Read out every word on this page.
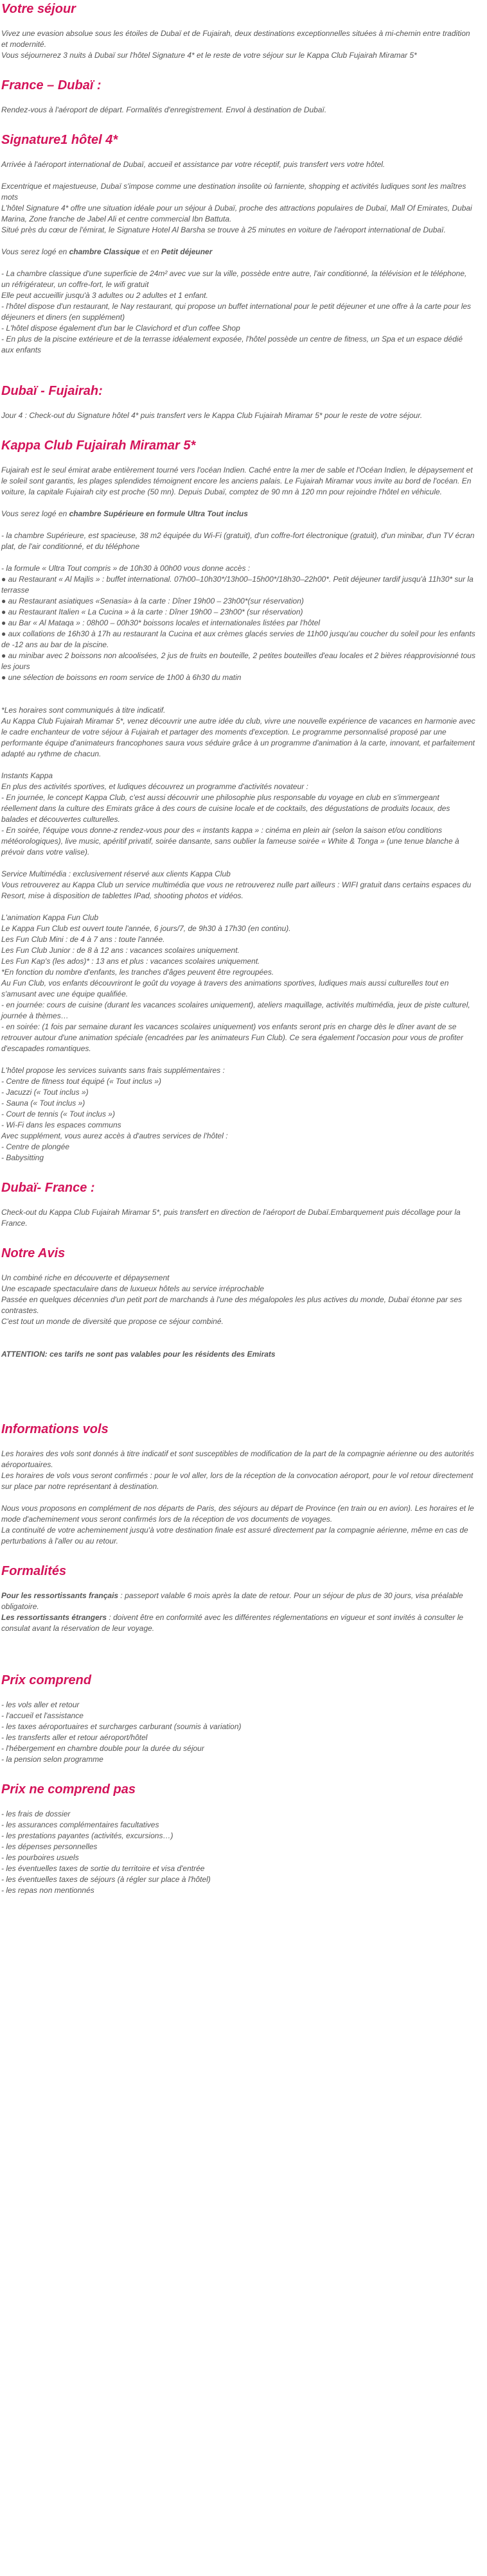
Votre séjour

Vivez une evasion absolue sous les étoiles de Dubaï et de Fujairah, deux destinations exceptionnelles situées à mi-chemin entre tradition et modernité.

Vous séjournerez 3 nuits à Dubaï sur l'hôtel Signature 4* et le reste de votre séjour sur le Kappa Club Fujairah Miramar 5*

France – Dubaï :

Rendez-vous à l'aéroport de départ. Formalités d'enregistrement. Envol à destination de Dubaï.

Signature1 hôtel 4*

Arrivée à l'aéroport international de Dubaï, accueil et assistance par votre réceptif, puis transfert vers votre hôtel.

Excentrique et majestueuse, Dubaï s'impose comme une destination insolite où farniente, shopping et activités ludiques sont les maîtres mots

L'hôtel Signature 4* offre une situation idéale pour un séjour à Dubaï, proche des attractions populaires de Dubaï, Mall Of Emirates, Dubai Marina, Zone franche de Jabel Ali et centre commercial Ibn Battuta.

Situé près du cœur de l'émirat, le Signature Hotel Al Barsha se trouve à 25 minutes en voiture de l'aéroport international de Dubaï.

Vous serez logé en chambre Classique et en Petit déjeuner

- La chambre classique d'une superficie de 24m² avec vue sur la ville, possède entre autre, l'air conditionné, la télévision et le téléphone, un réfrigérateur, un coffre-fort, le wifi gratuit

Elle peut accueillir jusqu'à 3 adultes ou 2 adultes et 1 enfant.

- l'hôtel dispose d'un restaurant, le Nay restaurant, qui propose un buffet international pour le petit déjeuner et une offre à la carte pour les déjeuners et diners (en supplément)

- L'hôtel dispose également d'un bar le Clavichord et d'un coffee Shop

- En plus de la piscine extérieure et de la terrasse idéalement exposée, l'hôtel possède un centre de fitness, un Spa et un espace dédié aux enfants

Dubaï - Fujairah:

Jour 4 : Check-out du Signature hôtel 4* puis transfert vers le Kappa Club Fujairah Miramar 5* pour le reste de votre séjour.

Kappa Club Fujairah Miramar 5*

Fujairah est le seul émirat arabe entièrement tourné vers l'océan Indien. Caché entre la mer de sable et l'Océan Indien, le dépaysement et le soleil sont garantis, les plages splendides témoignent encore les anciens palais. Le Fujairah Miramar vous invite au bord de l'océan. En voiture, la capitale Fujairah city est proche (50 mn). Depuis Dubaï, comptez de 90 mn à 120 mn pour rejoindre l'hôtel en véhicule.

Vous serez logé en chambre Supérieure en formule Ultra Tout inclus

- la chambre Supérieure, est spacieuse, 38 m2 équipée du Wi-Fi (gratuit), d'un coffre-fort électronique (gratuit), d'un minibar, d'un TV écran plat, de l'air conditionné, et du téléphone

- la formule « Ultra Tout compris » de 10h30 à 00h00 vous donne accès :

● au Restaurant « Al Majlis » : buffet international. 07h00–10h30*/13h00–15h00*/18h30–22h00*. Petit déjeuner tardif jusqu'à 11h30* sur la terrasse

● au Restaurant asiatiques «Senasia» à la carte : Dîner 19h00 – 23h00*(sur réservation)

● au Restaurant Italien « La Cucina » à la carte : Dîner 19h00 – 23h00* (sur réservation)

● au Bar « Al Mataqa » : 08h00 – 00h30* boissons locales et internationales listées par l'hôtel

● aux collations de 16h30 à 17h au restaurant la Cucina et aux crèmes glacés servies de 11h00 jusqu'au coucher du soleil pour les enfants de -12 ans au bar de la piscine.

● au minibar avec 2 boissons non alcoolisées, 2 jus de fruits en bouteille, 2 petites bouteilles d'eau locales et 2 bières réapprovisionné tous les jours

● une sélection de boissons en room service de 1h00 à 6h30 du matin

*Les horaires sont communiqués à titre indicatif.

Au Kappa Club Fujairah Miramar 5*, venez découvrir une autre idée du club, vivre une nouvelle expérience de vacances en harmonie avec le cadre enchanteur de votre séjour à Fujairah et partager des moments d'exception. Le programme personnalisé proposé par une performante équipe d'animateurs francophones saura vous séduire grâce à un programme d'animation à la carte, innovant, et parfaitement adapté au rythme de chacun.

Instants Kappa

En plus des activités sportives, et ludiques découvrez un programme d'activités novateur :

- En journée, le concept Kappa Club, c'est aussi découvrir une philosophie plus responsable du voyage en club en s'immergeant réellement dans la culture des Emirats grâce à des cours de cuisine locale et de cocktails, des dégustations de produits locaux, des balades et découvertes culturelles.

- En soirée, l'équipe vous donne-z rendez-vous pour des « instants kappa » : cinéma en plein air (selon la saison et/ou conditions météorologiques), live music, apéritif privatif, soirée dansante, sans oublier la fameuse soirée « White & Tonga » (une tenue blanche à prévoir dans votre valise).

Service Multimédia : exclusivement réservé aux clients Kappa Club

Vous retrouverez au Kappa Club un service multimédia que vous ne retrouverez nulle part ailleurs : WIFI gratuit dans certains espaces du Resort, mise à disposition de tablettes IPad, shooting photos et vidéos.

L'animation Kappa Fun Club

Le Kappa Fun Club est ouvert toute l'année, 6 jours/7, de 9h30 à 17h30 (en continu).

Les Fun Club Mini : de 4 à 7 ans : toute l'année.

Les Fun Club Junior : de 8 à 12 ans : vacances scolaires uniquement.

Les Fun Kap's (les ados)* : 13 ans et plus : vacances scolaires uniquement.

*En fonction du nombre d'enfants, les tranches d'âges peuvent être regroupées.

Au Fun Club, vos enfants découvriront le goût du voyage à travers des animations sportives, ludiques mais aussi culturelles tout en s'amusant avec une équipe qualifiée.

- en journée: cours de cuisine (durant les vacances scolaires uniquement), ateliers maquillage, activités multimédia, jeux de piste culturel, journée à thèmes…

- en soirée: (1 fois par semaine durant les vacances scolaires uniquement) vos enfants seront pris en charge dès le dîner avant de se retrouver autour d'une animation spéciale (encadrées par les animateurs Fun Club). Ce sera également l'occasion pour vous de profiter d'escapades romantiques.

L'hôtel propose les services suivants sans frais supplémentaires :

- Centre de fitness tout équipé (« Tout inclus »)

- Jacuzzi (« Tout inclus »)

- Sauna (« Tout inclus »)

- Court de tennis (« Tout inclus »)

- Wi-Fi dans les espaces communs

Avec supplément, vous aurez accès à d'autres services de l'hôtel :

- Centre de plongée

- Babysitting

Dubaï- France :

Check-out du Kappa Club Fujairah Miramar 5*, puis transfert en direction de l'aéroport de Dubaï.Embarquement puis décollage pour la France.

Notre Avis

Un combiné riche en découverte et dépaysement

Une escapade spectaculaire dans de luxueux hôtels au service irréprochable

Passée en quelques décennies d'un petit port de marchands à l'une des mégalopoles les plus actives du monde, Dubaï étonne par ses contrastes.

C'est tout un monde de diversité que propose ce séjour combiné.

ATTENTION: ces tarifs ne sont pas valables pour les résidents des Emirats

Informations vols

Les horaires des vols sont donnés à titre indicatif et sont susceptibles de modification de la part de la compagnie aérienne ou des autorités aéroportuaires.

Les horaires de vols vous seront confirmés : pour le vol aller, lors de la réception de la convocation aéroport, pour le vol retour directement sur place par notre représentant à destination.

Nous vous proposons en complément de nos départs de Paris, des séjours au départ de Province (en train ou en avion). Les horaires et le mode d'acheminement vous seront confirmés lors de la réception de vos documents de voyages.

La continuité de votre acheminement jusqu'à votre destination finale est assuré directement par la compagnie aérienne, même en cas de perturbations à l'aller ou au retour.

Formalités

Pour les ressortissants français : passeport valable 6 mois après la date de retour. Pour un séjour de plus de 30 jours, visa préalable obligatoire.

Les ressortissants étrangers : doivent être en conformité avec les différentes réglementations en vigueur et sont invités à consulter le consulat avant la réservation de leur voyage.

Prix comprend

- les vols aller et retour

- l'accueil et l'assistance

- les taxes aéroportuaires et surcharges carburant (soumis à variation)

- les transferts aller et retour aéroport/hôtel

- l'hébergement en chambre double pour la durée du séjour

- la pension selon programme

Prix ne comprend pas

- les frais de dossier

- les assurances complémentaires facultatives

- les prestations payantes (activités, excursions…)

- les dépenses personnelles

- les pourboires usuels

- les éventuelles taxes de sortie du territoire et visa d'entrée

- les éventuelles taxes de séjours (à régler sur place à l'hôtel)

- les repas non mentionnés
